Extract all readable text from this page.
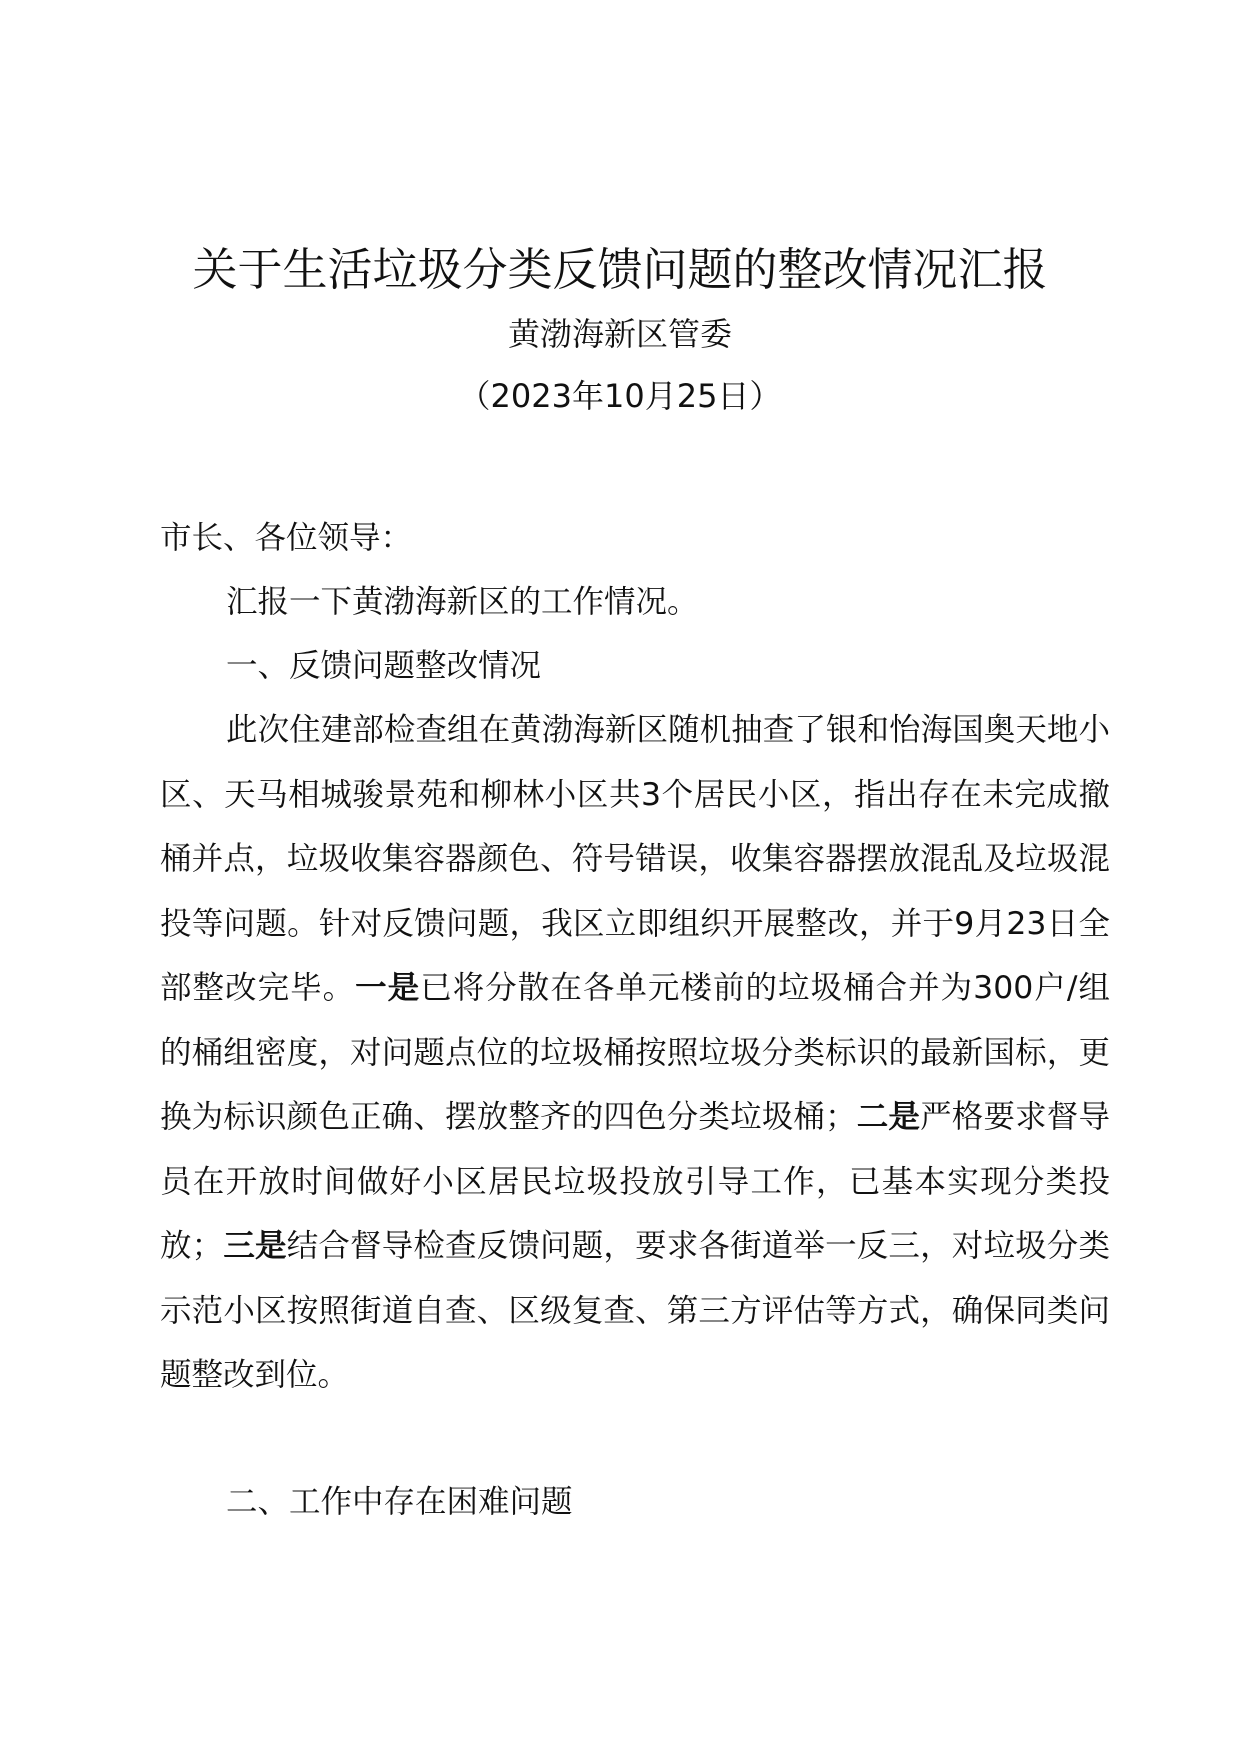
关于生活垃圾分类反馈问题的整改情况汇报
黄渤海新区管委
（2023年10月25日）
市长、各位领导：
汇报一下黄渤海新区的工作情况。
一、反馈问题整改情况
此次住建部检查组在黄渤海新区随机抽查了银和怡海国奥天地小区、天马相城骏景苑和柳林小区共3个居民小区，指出存在未完成撤桶并点，垃圾收集容器颜色、符号错误，收集容器摆放混乱及垃圾混投等问题。针对反馈问题，我区立即组织开展整改，并于9月23日全部整改完毕。一是已将分散在各单元楼前的垃圾桶合并为300户/组的桶组密度，对问题点位的垃圾桶按照垃圾分类标识的最新国标，更换为标识颜色正确、摆放整齐的四色分类垃圾桶；二是严格要求督导员在开放时间做好小区居民垃圾投放引导工作，已基本实现分类投放；三是结合督导检查反馈问题，要求各街道举一反三，对垃圾分类示范小区按照街道自查、区级复查、第三方评估等方式，确保同类问题整改到位。
二、工作中存在困难问题
